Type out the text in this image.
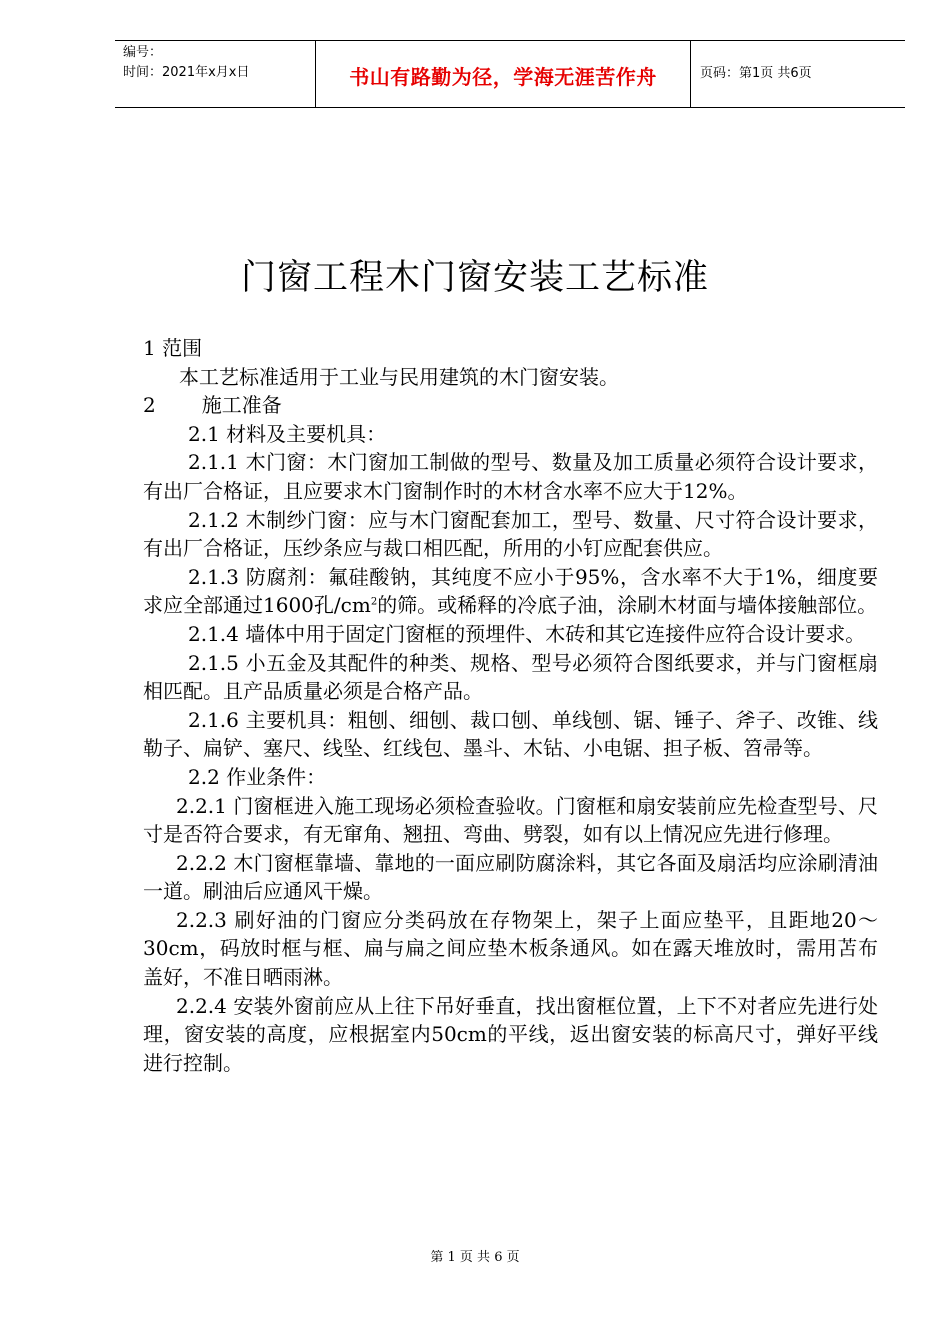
编号：
时间：2021年x月x日	书山有路勤为径，学海无涯苦作舟	页码：第1页 共6页
门窗工程木门窗安装工艺标准

1 范围

本工艺标准适用于工业与民用建筑的木门窗安装。

2 施工准备

2.1 材料及主要机具：

2.1.1 木门窗：木门窗加工制做的型号、数量及加工质量必须符合设计要求，有出厂合格证，且应要求木门窗制作时的木材含水率不应大于12%。

2.1.2 木制纱门窗：应与木门窗配套加工，型号、数量、尺寸符合设计要求，有出厂合格证，压纱条应与裁口相匹配，所用的小钉应配套供应。

2.1.3 防腐剂：氟硅酸钠，其纯度不应小于95%，含水率不大于1%，细度要求应全部通过1600孔$/cm^2$的筛。或稀释的冷底子油，涂刷木材面与墙体接触部位。

2.1.4 墙体中用于固定门窗框的预埋件、木砖和其它连接件应符合设计要求。

2.1.5 小五金及其配件的种类、规格、型号必须符合图纸要求，并与门窗框扇相匹配。且产品质量必须是合格产品。

2.1.6 主要机具：粗刨、细刨、裁口刨、单线刨、锯、锤子、斧子、改锥、线勒子、扁铲、塞尺、线坠、红线包、墨斗、木钻、小电锯、担子板、笤帚等。

2.2 作业条件：

2.2.1 门窗框进入施工现场必须检查验收。门窗框和扇安装前应先检查型号、尺寸是否符合要求，有无窜角、翘扭、弯曲、劈裂，如有以上情况应先进行修理。

2.2.2 木门窗框靠墙、靠地的一面应刷防腐涂料，其它各面及扇活均应涂刷清油一道。刷油后应通风干燥。

2.2.3 刷好油的门窗应分类码放在存物架上，架子上面应垫平，且距地20～30cm，码放时框与框、扁与扁之间应垫木板条通风。如在露天堆放时，需用苫布盖好，不准日晒雨淋。

2.2.4 安装外窗前应从上往下吊好垂直，找出窗框位置，上下不对者应先进行处理，窗安装的高度，应根据室内50cm的平线，返出窗安装的标高尺寸，弹好平线进行控制。

第 1 页 共 6 页
